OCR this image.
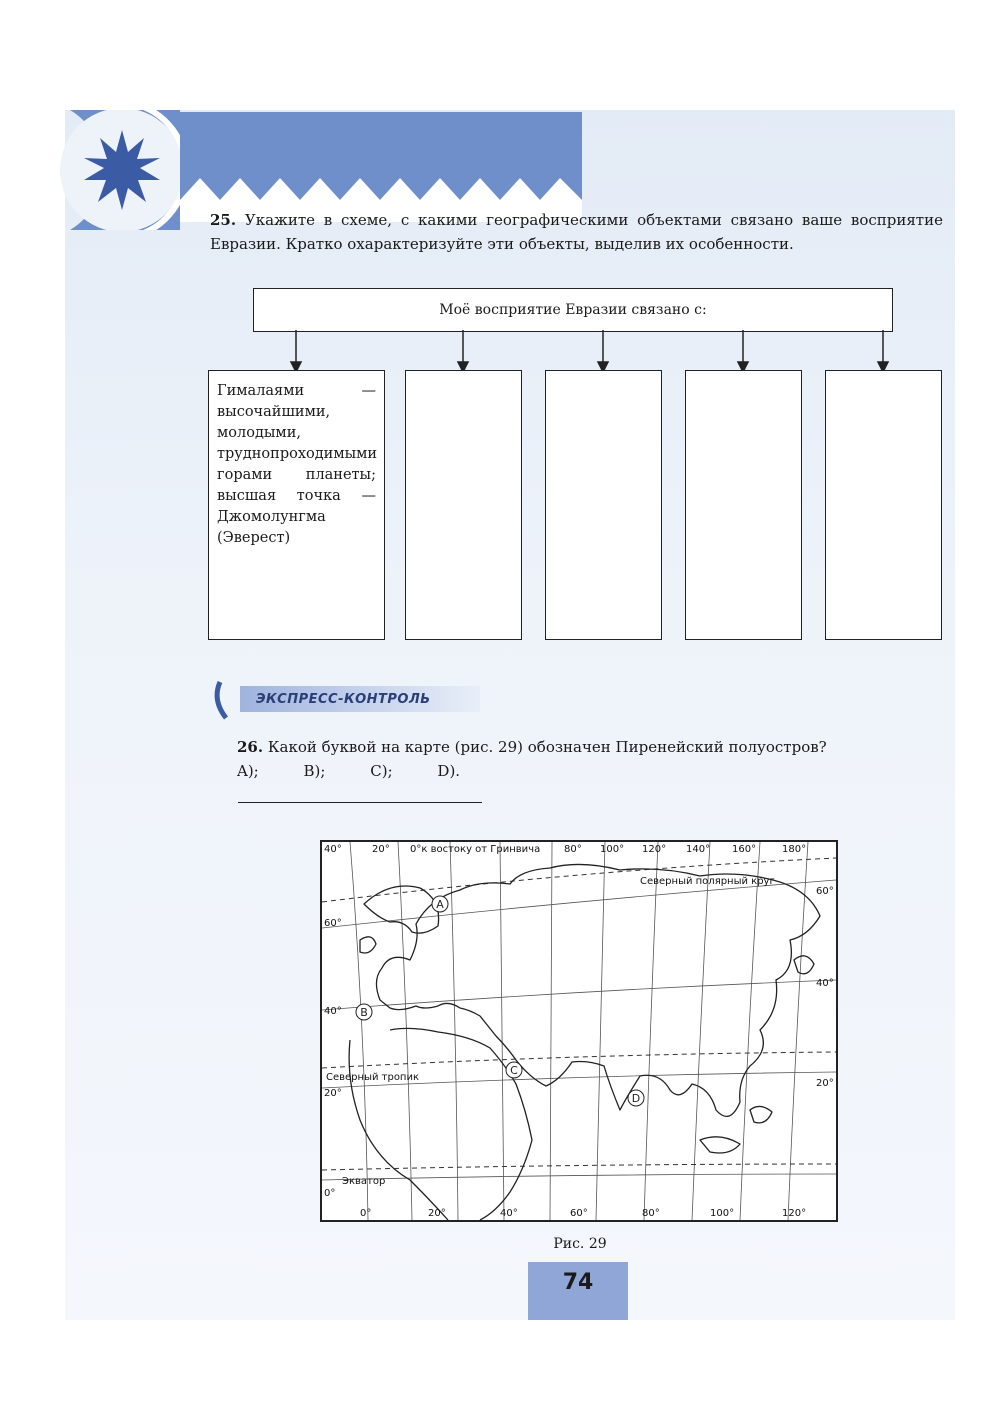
25. Укажите в схеме, с какими географическими объектами связано ваше восприятие Евразии. Кратко охарактеризуйте эти объекты, выделив их особенности.
Моё восприятие Евразии связано с:
Гималаями — высочайшими, молодыми, труднопроходимыми горами планеты; высшая точка — Джомолунгма (Эверест)
ЭКСПРЕСС-КОНТРОЛЬ
26. Какой буквой на карте (рис. 29) обозначен Пиренейский полуостров?
A);	B);	C);	D).
A
B
C
D
40°	20° 0°к востоку от Гринвича 80° 100° 120° 140° 160°	180°
0°	20°	40°	60°	80°	100°	120°
60°
40°
20°
0°
60°
40°
20°
Северный полярный круг
Северный тропик
Экватор
Рис. 29
74
